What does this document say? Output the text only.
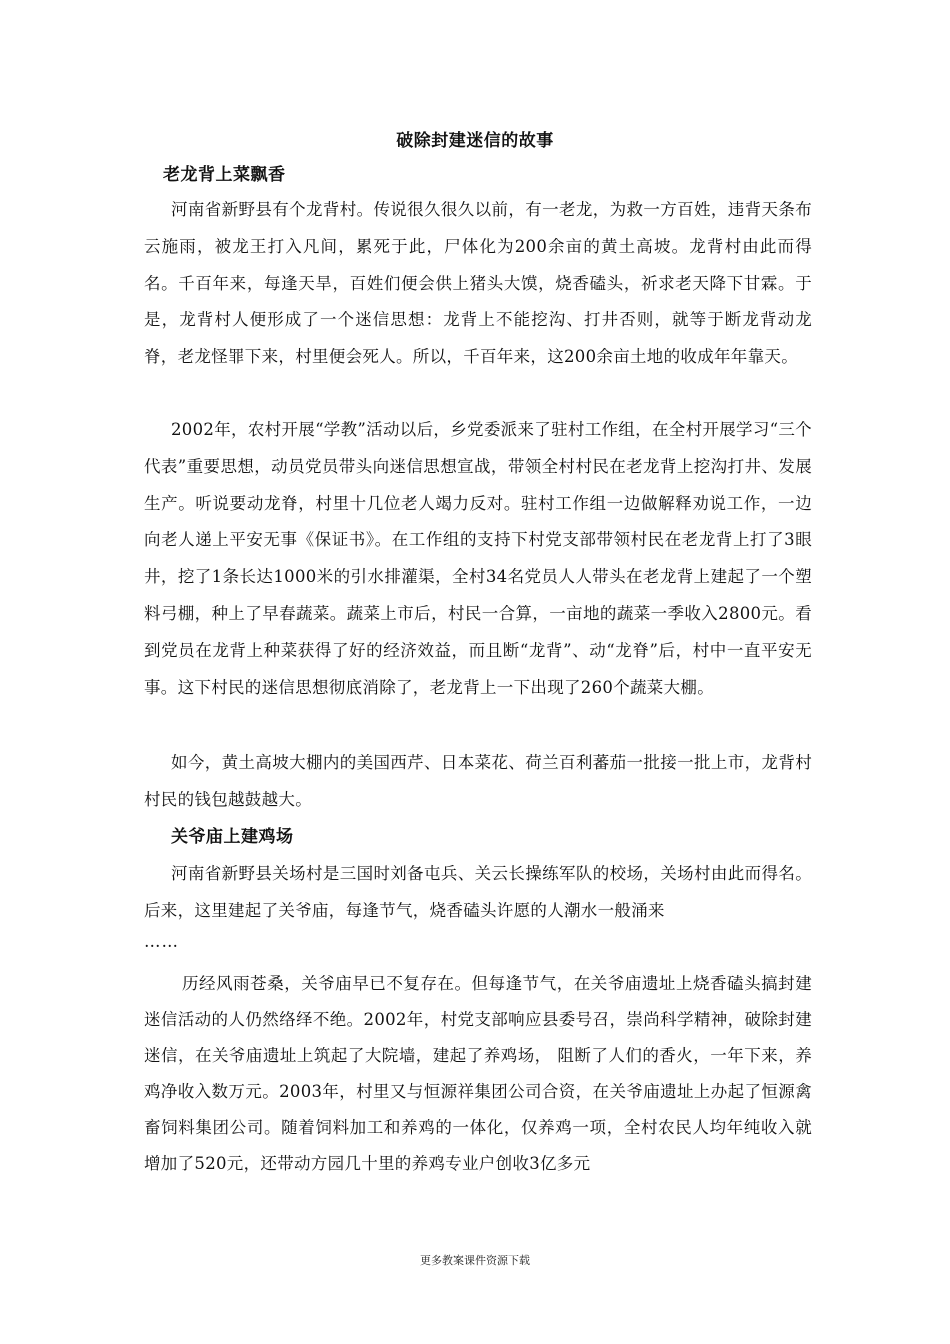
破除封建迷信的故事
老龙背上菜飘香
河南省新野县有个龙背村。传说很久很久以前，有一老龙，为救一方百姓，违背天条布云施雨，被龙王打入凡间，累死于此，尸体化为200余亩的黄土高坡。龙背村由此而得名。千百年来，每逢天旱，百姓们便会供上猪头大馍，烧香磕头，祈求老天降下甘霖。于是，龙背村人便形成了一个迷信思想：龙背上不能挖沟、打井否则，就等于断龙背动龙脊，老龙怪罪下来，村里便会死人。所以，千百年来，这200余亩土地的收成年年靠天。
2002年，农村开展“学教”活动以后，乡党委派来了驻村工作组，在全村开展学习“三个代表”重要思想，动员党员带头向迷信思想宣战，带领全村村民在老龙背上挖沟打井、发展生产。听说要动龙脊，村里十几位老人竭力反对。驻村工作组一边做解释劝说工作，一边向老人递上平安无事《保证书》。在工作组的支持下村党支部带领村民在老龙背上打了3眼井，挖了1条长达1000米的引水排灌渠，全村34名党员人人带头在老龙背上建起了一个塑料弓棚，种上了早春蔬菜。蔬菜上市后，村民一合算，一亩地的蔬菜一季收入2800元。看到党员在龙背上种菜获得了好的经济效益，而且断“龙背”、动“龙脊”后，村中一直平安无事。这下村民的迷信思想彻底消除了，老龙背上一下出现了260个蔬菜大棚。
如今，黄土高坡大棚内的美国西芹、日本菜花、荷兰百利蕃茄一批接一批上市，龙背村村民的钱包越鼓越大。
关爷庙上建鸡场
河南省新野县关场村是三国时刘备屯兵、关云长操练军队的校场，关场村由此而得名。后来，这里建起了关爷庙，每逢节气，烧香磕头许愿的人潮水一般涌来
……
历经风雨苍桑，关爷庙早已不复存在。但每逢节气，在关爷庙遗址上烧香磕头搞封建迷信活动的人仍然络绎不绝。2002年，村党支部响应县委号召，崇尚科学精神，破除封建迷信，在关爷庙遗址上筑起了大院墙，建起了养鸡场， 阻断了人们的香火，一年下来，养鸡净收入数万元。2003年，村里又与恒源祥集团公司合资，在关爷庙遗址上办起了恒源禽畜饲料集团公司。随着饲料加工和养鸡的一体化，仅养鸡一项，全村农民人均年纯收入就增加了520元，还带动方园几十里的养鸡专业户创收3亿多元
更多教案课件资源下载
